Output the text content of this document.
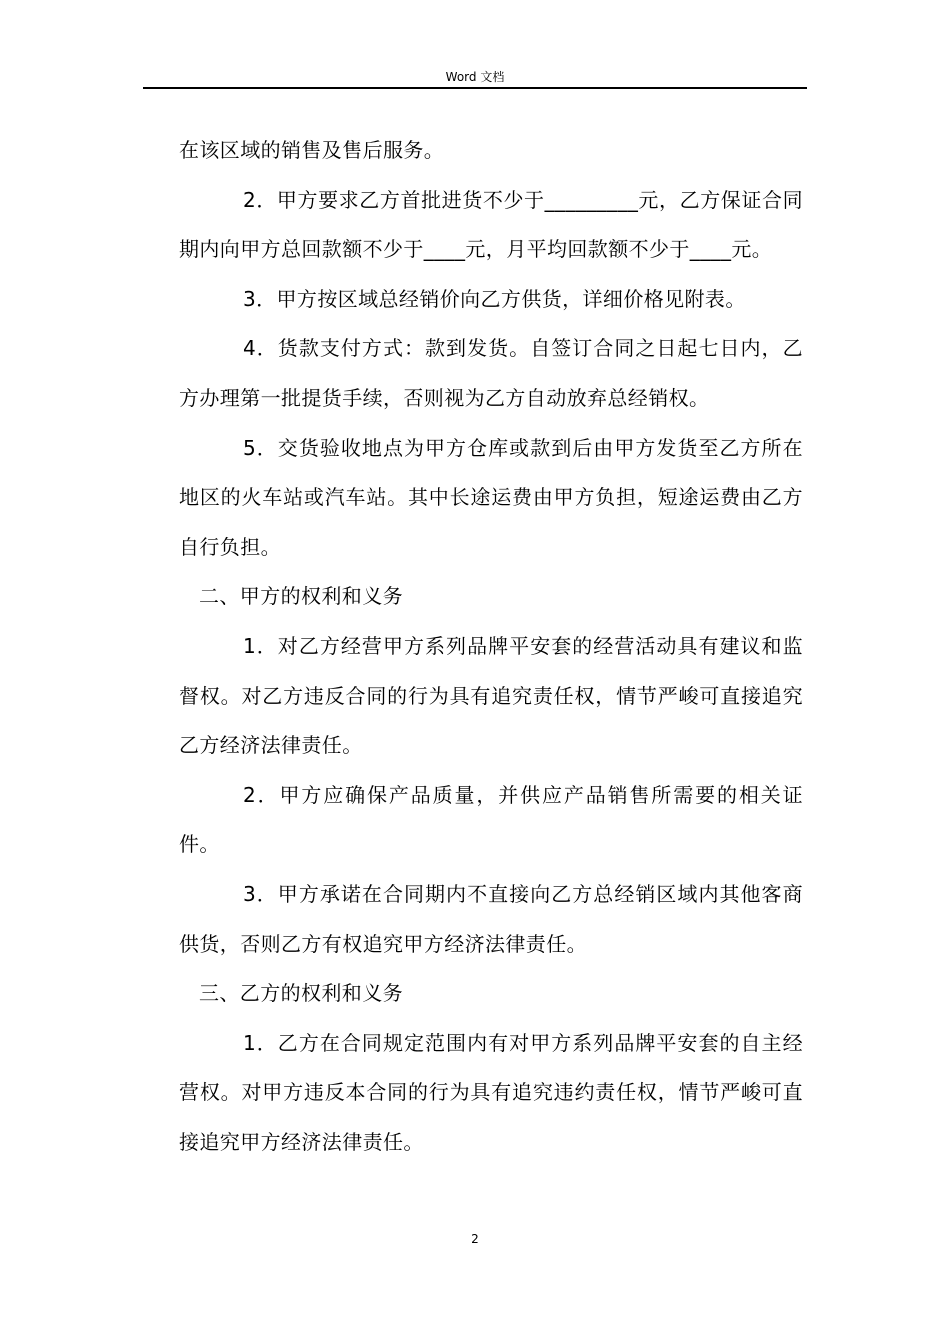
Word 文档

在该区域的销售及售后服务。

2．甲方要求乙方首批进货不少于_________元，乙方保证合同期内向甲方总回款额不少于____元，月平均回款额不少于____元。

3．甲方按区域总经销价向乙方供货，详细价格见附表。

4．货款支付方式：款到发货。自签订合同之日起七日内，乙方办理第一批提货手续，否则视为乙方自动放弃总经销权。

5．交货验收地点为甲方仓库或款到后由甲方发货至乙方所在地区的火车站或汽车站。其中长途运费由甲方负担，短途运费由乙方自行负担。

二、甲方的权利和义务

1．对乙方经营甲方系列品牌平安套的经营活动具有建议和监督权。对乙方违反合同的行为具有追究责任权，情节严峻可直接追究乙方经济法律责任。

2．甲方应确保产品质量，并供应产品销售所需要的相关证件。

3．甲方承诺在合同期内不直接向乙方总经销区域内其他客商供货，否则乙方有权追究甲方经济法律责任。

三、乙方的权利和义务

1．乙方在合同规定范围内有对甲方系列品牌平安套的自主经营权。对甲方违反本合同的行为具有追究违约责任权，情节严峻可直接追究甲方经济法律责任。

2
